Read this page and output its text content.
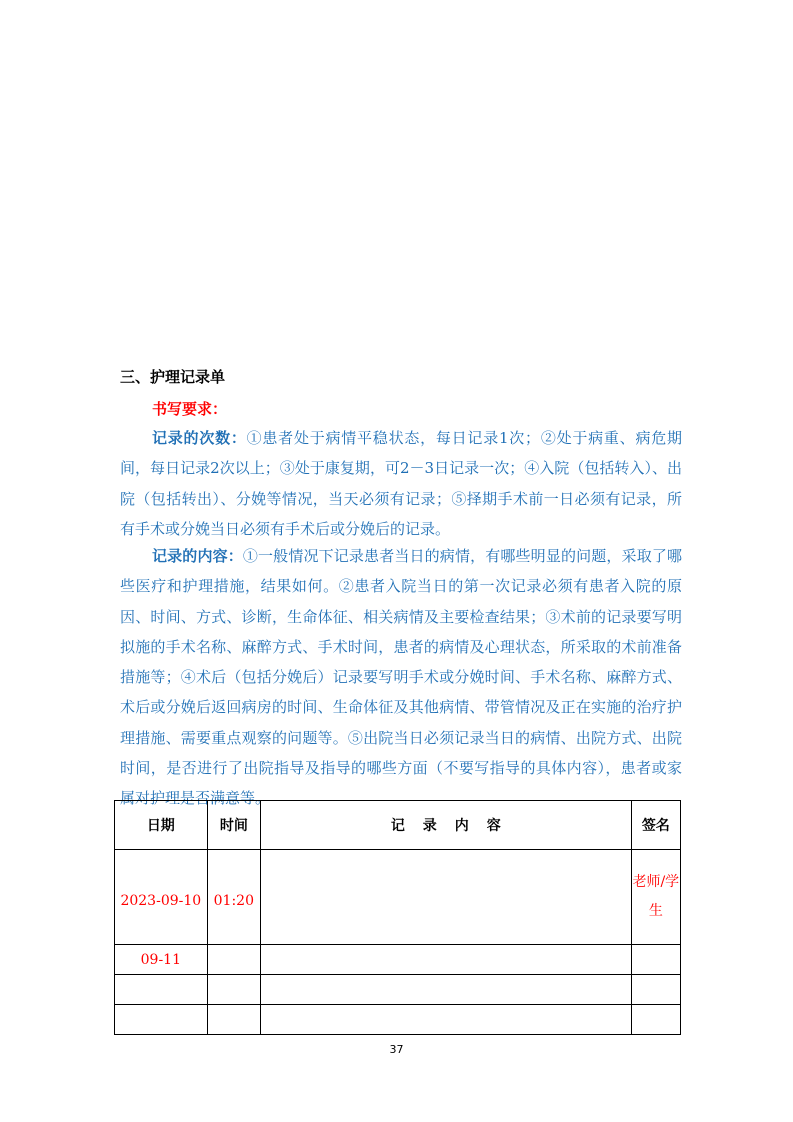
三、护理记录单
书写要求：
记录的次数：①患者处于病情平稳状态，每日记录1次；②处于病重、病危期间，每日记录2次以上；③处于康复期，可2－3日记录一次；④入院（包括转入）、出院（包括转出）、分娩等情况，当天必须有记录；⑤择期手术前一日必须有记录，所有手术或分娩当日必须有手术后或分娩后的记录。
记录的内容：①一般情况下记录患者当日的病情，有哪些明显的问题，采取了哪些医疗和护理措施，结果如何。②患者入院当日的第一次记录必须有患者入院的原因、时间、方式、诊断，生命体征、相关病情及主要检查结果；③术前的记录要写明拟施的手术名称、麻醉方式、手术时间，患者的病情及心理状态，所采取的术前准备措施等；④术后（包括分娩后）记录要写明手术或分娩时间、手术名称、麻醉方式、术后或分娩后返回病房的时间、生命体征及其他病情、带管情况及正在实施的治疗护理措施、需要重点观察的问题等。⑤出院当日必须记录当日的病情、出院方式、出院时间，是否进行了出院指导及指导的哪些方面（不要写指导的具体内容），患者或家属对护理是否满意等。
日期	时间	记录内容	签名
2023-09-10	01:20		老师/学生
09-11			

37
